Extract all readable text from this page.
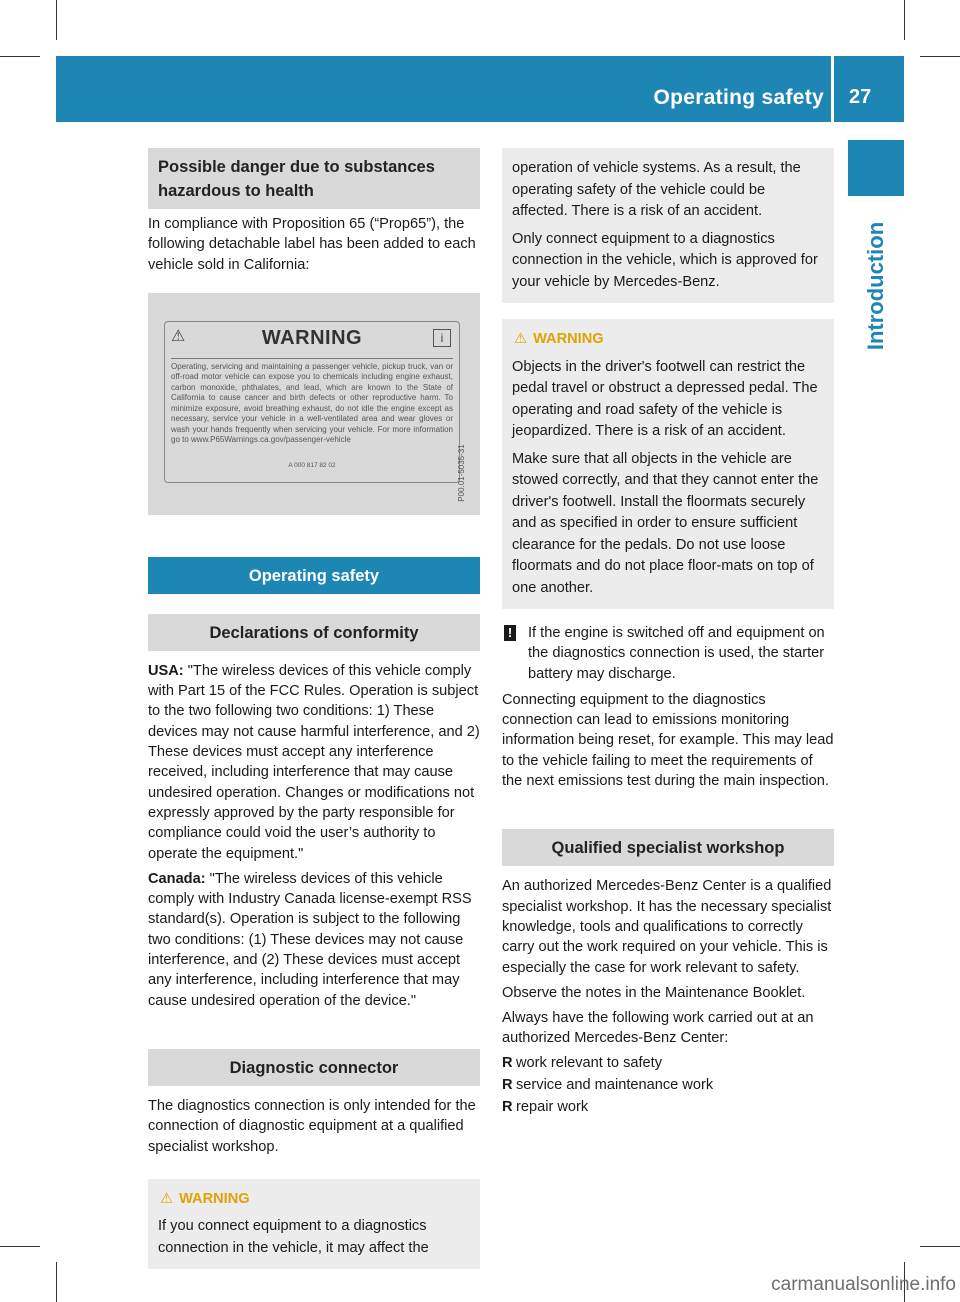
Operating safety 27
Introduction
Possible danger due to substances hazardous to health

In compliance with Proposition 65 (“Prop65”), the following detachable label has been added to each vehicle sold in California:

⚠	WARNING	i
Operating, servicing and maintaining a passenger vehicle, pickup truck, van or off-road motor vehicle can expose you to chemicals including engine exhaust, carbon monoxide, phthalates, and lead, which are known to the State of California to cause cancer and birth defects or other reproductive harm. To minimize exposure, avoid breathing exhaust, do not idle the engine except as necessary, service your vehicle in a well-ventilated area and wear gloves or wash your hands frequently when servicing your vehicle. For more information go to www.P65Warnings.ca.gov/passenger-vehicle
A 000 817 82 02	P00.01-5035-31
Operating safety
Declarations of conformity

USA: "The wireless devices of this vehicle comply with Part 15 of the FCC Rules. Operation is subject to the two following two conditions: 1) These devices may not cause harmful interference, and 2) These devices must accept any interference received, including interference that may cause undesired operation. Changes or modifications not expressly approved by the party responsible for compliance could void the user’s authority to operate the equipment."

Canada: "The wireless devices of this vehicle comply with Industry Canada license-exempt RSS standard(s). Operation is subject to the following two conditions: (1) These devices may not cause interference, and (2) These devices must accept any interference, including interference that may cause undesired operation of the device."

Diagnostic connector

The diagnostics connection is only intended for the connection of diagnostic equipment at a qualified specialist workshop.

⚠ WARNING

If you connect equipment to a diagnostics connection in the vehicle, it may affect the

operation of vehicle systems. As a result, the operating safety of the vehicle could be affected. There is a risk of an accident.

Only connect equipment to a diagnostics connection in the vehicle, which is approved for your vehicle by Mercedes-Benz.

⚠ WARNING

Objects in the driver's footwell can restrict the pedal travel or obstruct a depressed pedal. The operating and road safety of the vehicle is jeopardized. There is a risk of an accident.

Make sure that all objects in the vehicle are stowed correctly, and that they cannot enter the driver's footwell. Install the floormats securely and as specified in order to ensure sufficient clearance for the pedals. Do not use loose floormats and do not place floor-mats on top of one another.

! If the engine is switched off and equipment on the diagnostics connection is used, the starter battery may discharge.

Connecting equipment to the diagnostics connection can lead to emissions monitoring information being reset, for example. This may lead to the vehicle failing to meet the requirements of the next emissions test during the main inspection.

Qualified specialist workshop

An authorized Mercedes-Benz Center is a qualified specialist workshop. It has the necessary specialist knowledge, tools and qualifications to correctly carry out the work required on your vehicle. This is especially the case for work relevant to safety.

Observe the notes in the Maintenance Booklet.

Always have the following work carried out at an authorized Mercedes-Benz Center:

R work relevant to safety
R service and maintenance work
R repair work
carmanualsonline.info
